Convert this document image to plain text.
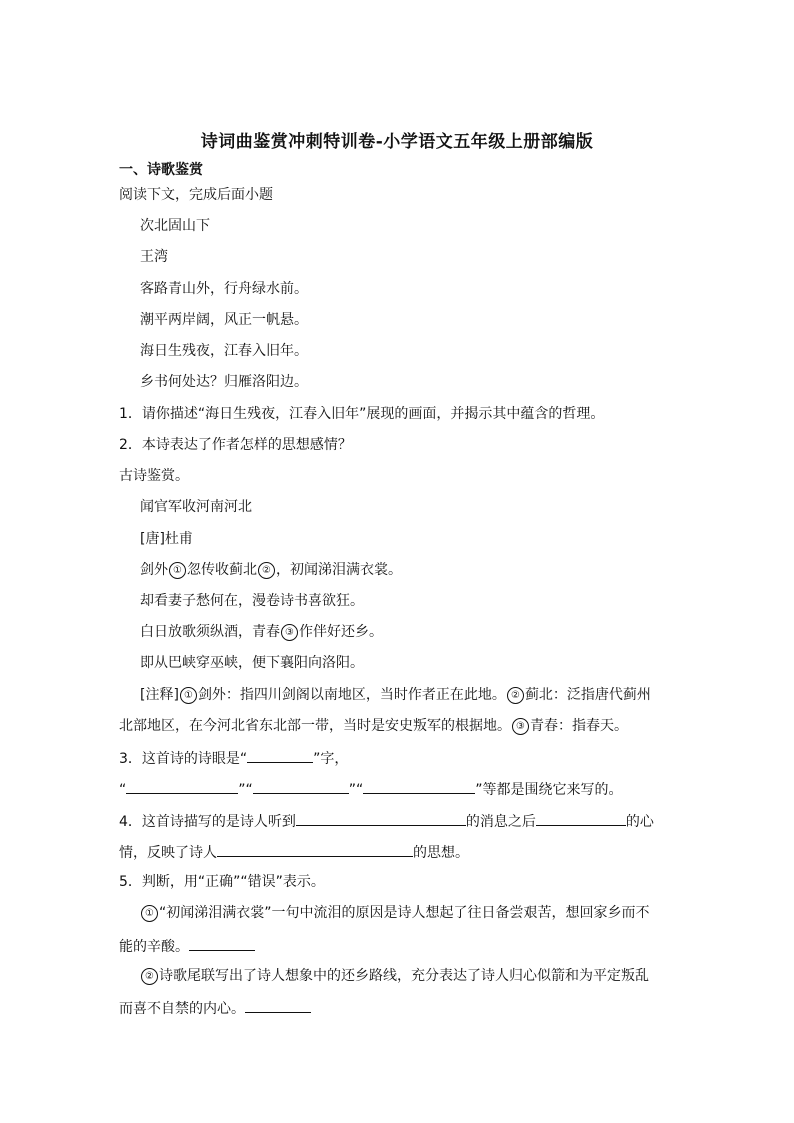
诗词曲鉴赏冲刺特训卷-小学语文五年级上册部编版
一、诗歌鉴赏
阅读下文，完成后面小题
次北固山下
王湾
客路青山外，行舟绿水前。
潮平两岸阔，风正一帆悬。
海日生残夜，江春入旧年。
乡书何处达？归雁洛阳边。
1．请你描述“海日生残夜，江春入旧年”展现的画面，并揭示其中蕴含的哲理。
2．本诗表达了作者怎样的思想感情？
古诗鉴赏。
闻官军收河南河北
[唐]杜甫
剑外 ① 忽传收蓟北 ② ，初闻涕泪满衣裳。
却看妻子愁何在，漫卷诗书喜欲狂。
白日放歌须纵酒，青春 ③ 作伴好还乡。
即从巴峡穿巫峡，便下襄阳向洛阳。
[注释] ① 剑外：指四川剑阁以南地区，当时作者正在此地。 ② 蓟北：泛指唐代蓟州
北部地区，在今河北省东北部一带，当时是安史叛军的根据地。 ③ 青春：指春天。
3．这首诗的诗眼是“	”字，
“	”“	”“	”等都是围绕它来写的。
4．这首诗描写的是诗人听到	的消息之后	的心
情，反映了诗人	的思想。
5．判断，用“正确”“错误”表示。
① “初闻涕泪满衣裳”一句中流泪的原因是诗人想起了往日备尝艰苦，想回家乡而不
能的辛酸。
② 诗歌尾联写出了诗人想象中的还乡路线，充分表达了诗人归心似箭和为平定叛乱
而喜不自禁的内心。
